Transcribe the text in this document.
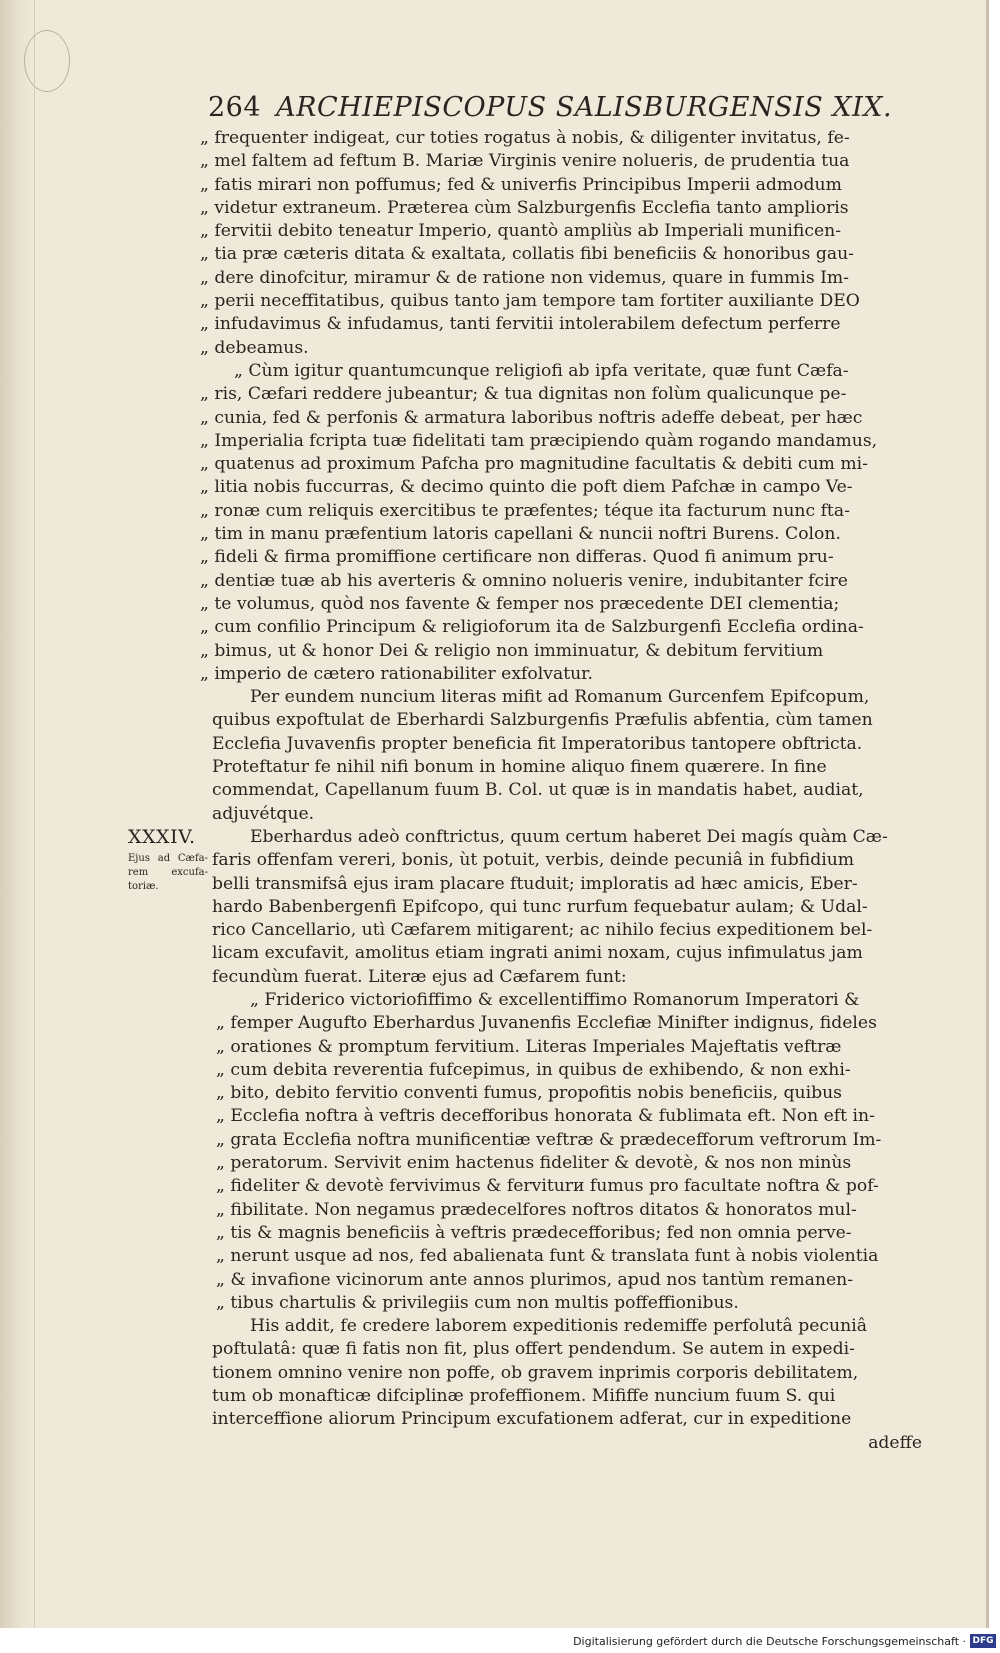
264 ARCHIEPISCOPUS SALISBURGENSIS XIX.
„ frequenter indigeat, cur toties rogatus à nobis, & diligenter invitatus, fe-
„ mel faltem ad feftum B. Mariæ Virginis venire nolueris, de prudentia tua
„ fatis mirari non poffumus; fed & univerfis Principibus Imperii admodum
„ videtur extraneum. Præterea cùm Salzburgenfis Ecclefia tanto amplioris
„ fervitii debito teneatur Imperio, quantò ampliùs ab Imperiali munificen-
„ tia præ cæteris ditata & exaltata, collatis fibi beneficiis & honoribus gau-
„ dere dinofcitur, miramur & de ratione non videmus, quare in fummis Im-
„ perii neceffitatibus, quibus tanto jam tempore tam fortiter auxiliante DEO
„ infudavimus & infudamus, tanti fervitii intolerabilem defectum perferre
„ debeamus.
„ Cùm igitur quantumcunque religiofi ab ipfa veritate, quæ funt Cæfa-
„ ris, Cæfari reddere jubeantur; & tua dignitas non folùm qualicunque pe-
„ cunia, fed & perfonis & armatura laboribus noftris adeffe debeat, per hæc
„ Imperialia fcripta tuæ fidelitati tam præcipiendo quàm rogando mandamus,
„ quatenus ad proximum Pafcha pro magnitudine facultatis & debiti cum mi-
„ litia nobis fuccurras, & decimo quinto die poft diem Pafchæ in campo Ve-
„ ronæ cum reliquis exercitibus te præfentes; téque ita facturum nunc fta-
„ tim in manu præfentium latoris capellani & nuncii noftri Burens. Colon.
„ fideli & firma promiffione certificare non differas. Quod fi animum pru-
„ dentiæ tuæ ab his averteris & omnino nolueris venire, indubitanter fcire
„ te volumus, quòd nos favente & femper nos præcedente DEI clementia;
„ cum confilio Principum & religioforum ita de Salzburgenfi Ecclefia ordina-
„ bimus, ut & honor Dei & religio non imminuatur, & debitum fervitium
„ imperio de cætero rationabiliter exfolvatur.
Per eundem nuncium literas mifit ad Romanum Gurcenfem Epifcopum,
quibus expoftulat de Eberhardi Salzburgenfis Præfulis abfentia, cùm tamen
Ecclefia Juvavenfis propter beneficia fit Imperatoribus tantopere obftricta.
Proteftatur fe nihil nifi bonum in homine aliquo finem quærere. In fine
commendat, Capellanum fuum B. Col. ut quæ is in mandatis habet, audiat,
adjuvétque.
XXXIV.
Ejus ad Cæfa- rem excufa- toriæ.
Eberhardus adeò conftrictus, quum certum haberet Dei magís quàm Cæ-
faris offenfam vereri, bonis, ùt potuit, verbis, deinde pecuniâ in fubfidium
belli transmifsâ ejus iram placare ftuduit; imploratis ad hæc amicis, Eber-
hardo Babenbergenfi Epifcopo, qui tunc rurfum fequebatur aulam; & Udal-
rico Cancellario, utì Cæfarem mitigarent; ac nihilo fecius expeditionem bel-
licam excufavit, amolitus etiam ingrati animi noxam, cujus infimulatus jam
fecundùm fuerat. Literæ ejus ad Cæfarem funt:
„ Friderico victoriofiffimo & excellentiffimo Romanorum Imperatori &
„ femper Augufto Eberhardus Juvanenfis Ecclefiæ Minifter indignus, fideles
„ orationes & promptum fervitium. Literas Imperiales Majeftatis veftræ
„ cum debita reverentia fufcepimus, in quibus de exhibendo, & non exhi-
„ bito, debito fervitio conventi fumus, propofitis nobis beneficiis, quibus
„ Ecclefia noftra à veftris decefforibus honorata & fublimata eft. Non eft in-
„ grata Ecclefia noftra munificentiæ veftræ & prædecefforum veftrorum Im-
„ peratorum. Servivit enim hactenus fideliter & devotè, & nos non minùs
„ fideliter & devotè fervivimus & ferviturи fumus pro facultate noftra & pof-
„ fibilitate. Non negamus prædecelfores noftros ditatos & honoratos mul-
„ tis & magnis beneficiis à veftris prædecefforibus; fed non omnia perve-
„ nerunt usque ad nos, fed abalienata funt & translata funt à nobis violentia
„ & invafione vicinorum ante annos plurimos, apud nos tantùm remanen-
„ tibus chartulis & privilegiis cum non multis poffeffionibus.
His addit, fe credere laborem expeditionis redemiffe perfolutâ pecuniâ
poftulatâ: quæ fi fatis non fit, plus offert pendendum. Se autem in expedi-
tionem omnino venire non poffe, ob gravem inprimis corporis debilitatem,
tum ob monafticæ difciplinæ profeffionem. Mififfe nuncium fuum S. qui
interceffione aliorum Principum excufationem adferat, cur in expeditione
adeffe
Digitalisierung gefördert durch die Deutsche Forschungsgemeinschaft · DFG
